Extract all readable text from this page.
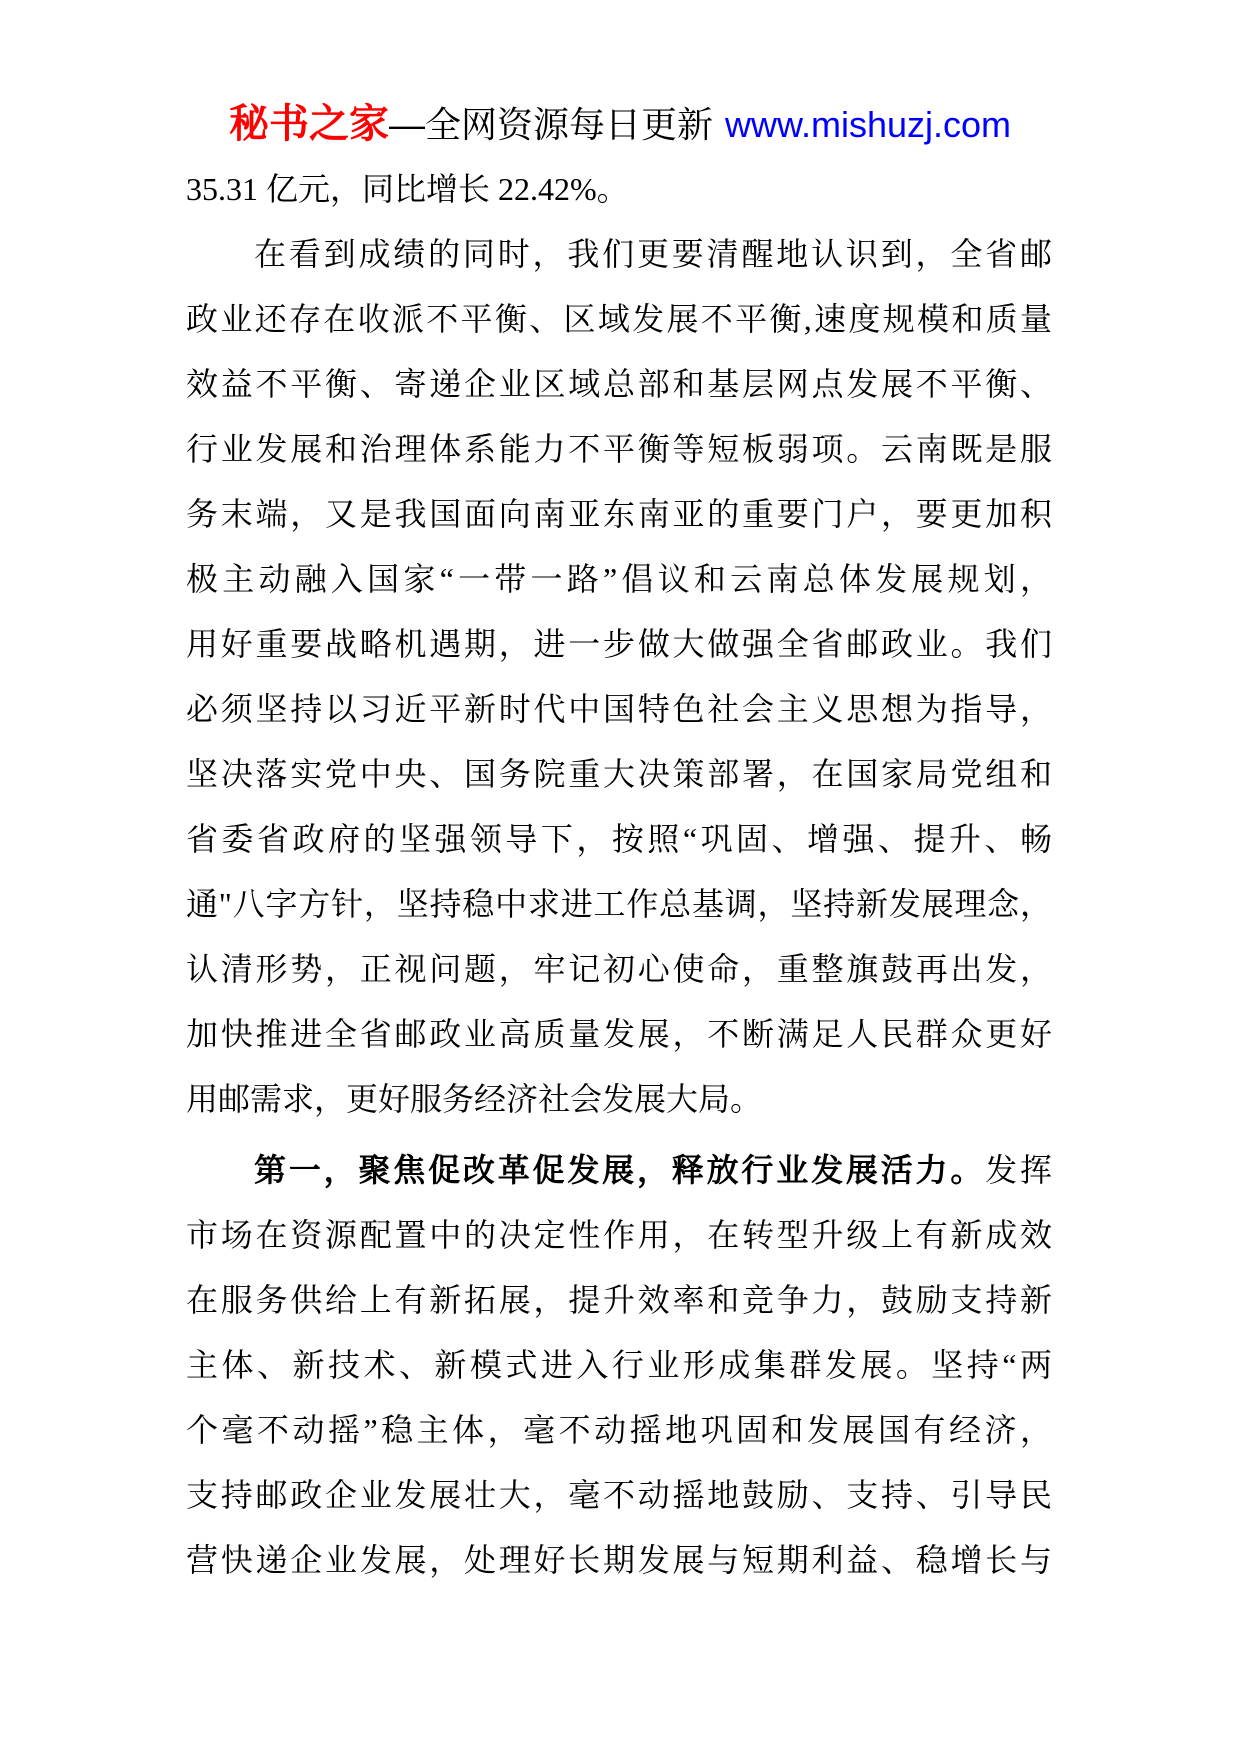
秘书之家—全网资源每日更新 www.mishuzj.com
35.31 亿元，同比增长 22.42%。
在看到成绩的同时，我们更要清醒地认识到，全省邮
政业还存在收派不平衡、区域发展不平衡,速度规模和质量
效益不平衡、寄递企业区域总部和基层网点发展不平衡、
行业发展和治理体系能力不平衡等短板弱项。云南既是服
务末端，又是我国面向南亚东南亚的重要门户，要更加积
极主动融入国家“一带一路”倡议和云南总体发展规划，
用好重要战略机遇期，进一步做大做强全省邮政业。我们
必须坚持以习近平新时代中国特色社会主义思想为指导，
坚决落实党中央、国务院重大决策部署，在国家局党组和
省委省政府的坚强领导下，按照“巩固、增强、提升、畅
通"八字方针，坚持稳中求进工作总基调，坚持新发展理念，
认清形势，正视问题，牢记初心使命，重整旗鼓再出发，
加快推进全省邮政业高质量发展，不断满足人民群众更好
用邮需求，更好服务经济社会发展大局。
第一，聚焦促改革促发展，释放行业发展活力。发挥
市场在资源配置中的决定性作用，在转型升级上有新成效
在服务供给上有新拓展，提升效率和竞争力，鼓励支持新
主体、新技术、新模式进入行业形成集群发展。坚持“两
个毫不动摇”稳主体，毫不动摇地巩固和发展国有经济，
支持邮政企业发展壮大，毫不动摇地鼓励、支持、引导民
营快递企业发展，处理好长期发展与短期利益、稳增长与
